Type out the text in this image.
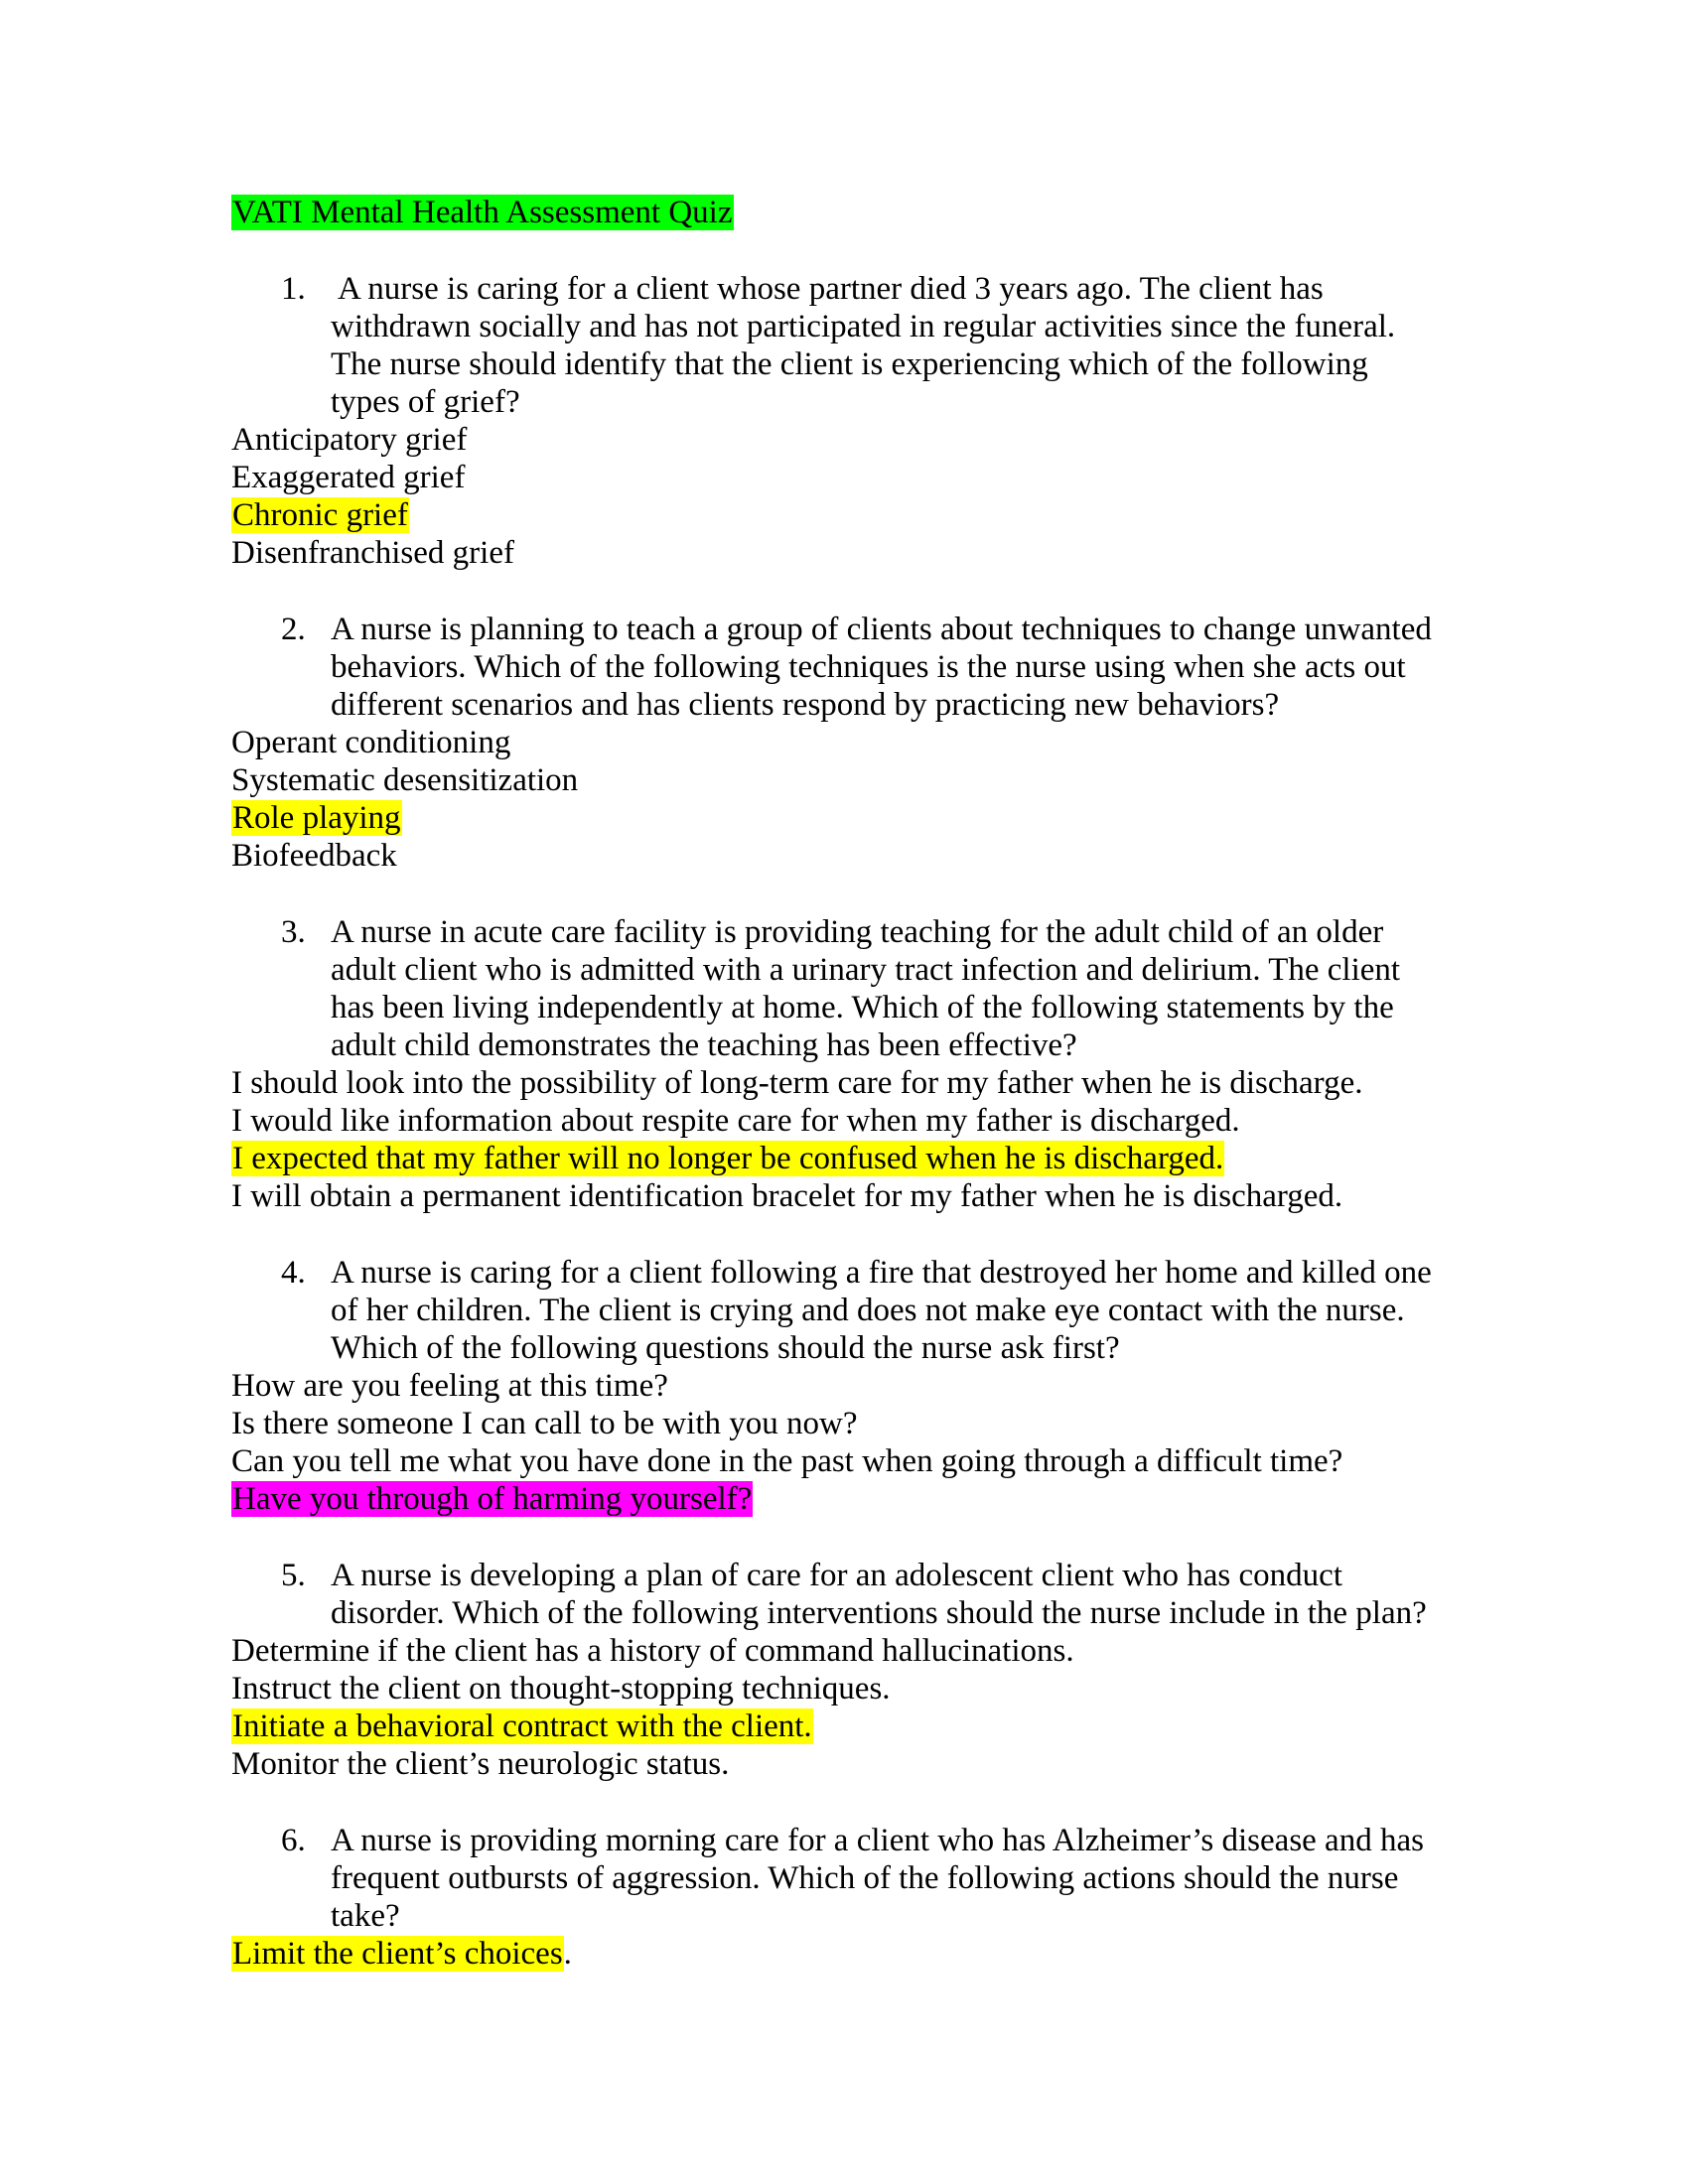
VATI Mental Health Assessment Quiz
1. A nurse is caring for a client whose partner died 3 years ago. The client has
withdrawn socially and has not participated in regular activities since the funeral.
The nurse should identify that the client is experiencing which of the following
types of grief?
Anticipatory grief
Exaggerated grief
Chronic grief
Disenfranchised grief
2. A nurse is planning to teach a group of clients about techniques to change unwanted
behaviors. Which of the following techniques is the nurse using when she acts out
different scenarios and has clients respond by practicing new behaviors?
Operant conditioning
Systematic desensitization
Role playing
Biofeedback
3. A nurse in acute care facility is providing teaching for the adult child of an older
adult client who is admitted with a urinary tract infection and delirium. The client
has been living independently at home. Which of the following statements by the
adult child demonstrates the teaching has been effective?
I should look into the possibility of long-term care for my father when he is discharge.
I would like information about respite care for when my father is discharged.
I expected that my father will no longer be confused when he is discharged.
I will obtain a permanent identification bracelet for my father when he is discharged.
4. A nurse is caring for a client following a fire that destroyed her home and killed one
of her children. The client is crying and does not make eye contact with the nurse.
Which of the following questions should the nurse ask first?
How are you feeling at this time?
Is there someone I can call to be with you now?
Can you tell me what you have done in the past when going through a difficult time?
Have you through of harming yourself?
5. A nurse is developing a plan of care for an adolescent client who has conduct
disorder. Which of the following interventions should the nurse include in the plan?
Determine if the client has a history of command hallucinations.
Instruct the client on thought-stopping techniques.
Initiate a behavioral contract with the client.
Monitor the client’s neurologic status.
6. A nurse is providing morning care for a client who has Alzheimer’s disease and has
frequent outbursts of aggression. Which of the following actions should the nurse
take?
Limit the client’s choices.
